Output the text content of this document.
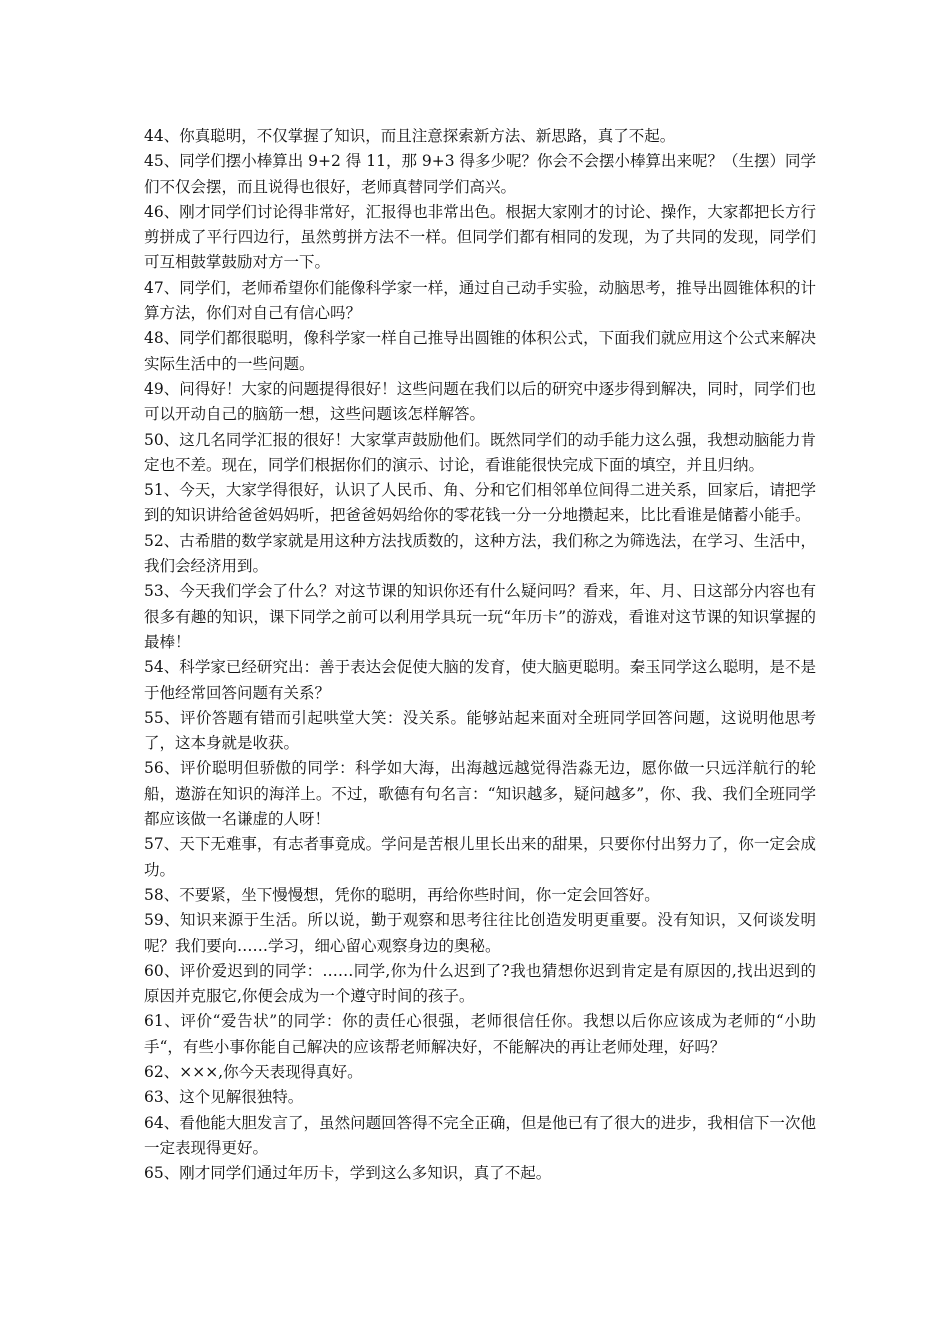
44、你真聪明，不仅掌握了知识，而且注意探索新方法、新思路，真了不起。

45、同学们摆小棒算出 9+2 得 11，那 9+3 得多少呢？你会不会摆小棒算出来呢？（生摆）同学们不仅会摆，而且说得也很好，老师真替同学们高兴。

46、刚才同学们讨论得非常好，汇报得也非常出色。根据大家刚才的讨论、操作，大家都把长方行剪拼成了平行四边行，虽然剪拼方法不一样。但同学们都有相同的发现，为了共同的发现，同学们可互相鼓掌鼓励对方一下。

47、同学们，老师希望你们能像科学家一样，通过自己动手实验，动脑思考，推导出圆锥体积的计算方法，你们对自己有信心吗？

48、同学们都很聪明，像科学家一样自己推导出圆锥的体积公式，下面我们就应用这个公式来解决实际生活中的一些问题。

49、问得好！大家的问题提得很好！这些问题在我们以后的研究中逐步得到解决，同时，同学们也可以开动自己的脑筋一想，这些问题该怎样解答。

50、这几名同学汇报的很好！大家掌声鼓励他们。既然同学们的动手能力这么强，我想动脑能力肯定也不差。现在，同学们根据你们的演示、讨论，看谁能很快完成下面的填空，并且归纳。

51、今天，大家学得很好，认识了人民币、角、分和它们相邻单位间得二进关系，回家后，请把学到的知识讲给爸爸妈妈听，把爸爸妈妈给你的零花钱一分一分地攒起来，比比看谁是储蓄小能手。

52、古希腊的数学家就是用这种方法找质数的，这种方法，我们称之为筛选法，在学习、生活中，我们会经济用到。

53、今天我们学会了什么？对这节课的知识你还有什么疑问吗？看来，年、月、日这部分内容也有很多有趣的知识，课下同学之前可以利用学具玩一玩“年历卡”的游戏，看谁对这节课的知识掌握的最棒！

54、科学家已经研究出：善于表达会促使大脑的发育，使大脑更聪明。秦玉同学这么聪明，是不是于他经常回答问题有关系？

55、评价答题有错而引起哄堂大笑：没关系。能够站起来面对全班同学回答问题，这说明他思考了，这本身就是收获。

56、评价聪明但骄傲的同学：科学如大海，出海越远越觉得浩淼无边，愿你做一只远洋航行的轮船，遨游在知识的海洋上。不过，歌德有句名言：“知识越多，疑问越多”，你、我、我们全班同学都应该做一名谦虚的人呀！

57、天下无难事，有志者事竟成。学问是苦根儿里长出来的甜果，只要你付出努力了，你一定会成功。

58、不要紧，坐下慢慢想，凭你的聪明，再给你些时间，你一定会回答好。

59、知识来源于生活。所以说，勤于观察和思考往往比创造发明更重要。没有知识，又何谈发明呢？我们要向……学习，细心留心观察身边的奥秘。

60、评价爱迟到的同学：……同学,你为什么迟到了?我也猜想你迟到肯定是有原因的,找出迟到的原因并克服它,你便会成为一个遵守时间的孩子。

61、评价“爱告状”的同学：你的责任心很强，老师很信任你。我想以后你应该成为老师的“小助手“，有些小事你能自己解决的应该帮老师解决好，不能解决的再让老师处理，好吗？

62、×××,你今天表现得真好。

63、这个见解很独特。

64、看他能大胆发言了，虽然问题回答得不完全正确，但是他已有了很大的进步，我相信下一次他一定表现得更好。

65、刚才同学们通过年历卡，学到这么多知识，真了不起。
